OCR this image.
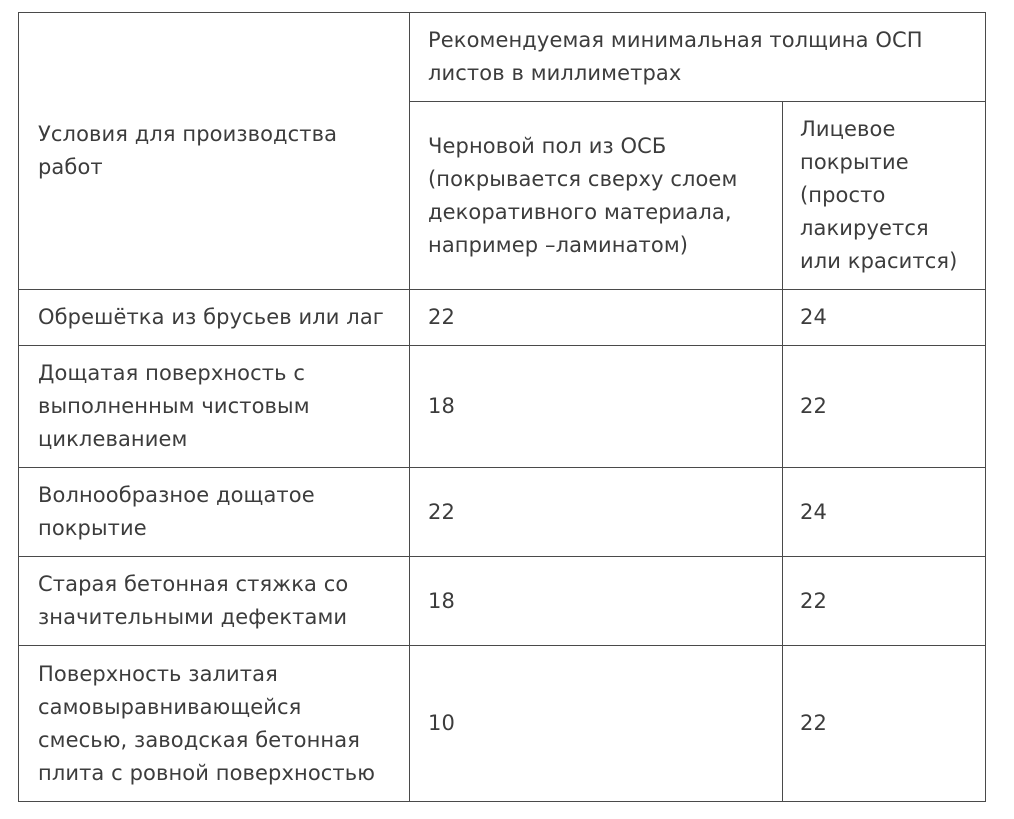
Условия для производства работ	Рекомендуемая минимальная толщина ОСП листов в миллиметрах	
	Черновой пол из ОСБ (покрывается сверху слоем декоративного материала, например –ламинатом)	Лицевое покрытие (просто лакируется или красится)
Обрешётка из брусьев или лаг	22	24
Дощатая поверхность с выполненным чистовым циклеванием	18	22
Волнообразное дощатое покрытие	22	24
Старая бетонная стяжка со значительными дефектами	18	22
Поверхность залитая самовыравнивающейся смесью, заводская бетонная плита с ровной поверхностью	10	22
